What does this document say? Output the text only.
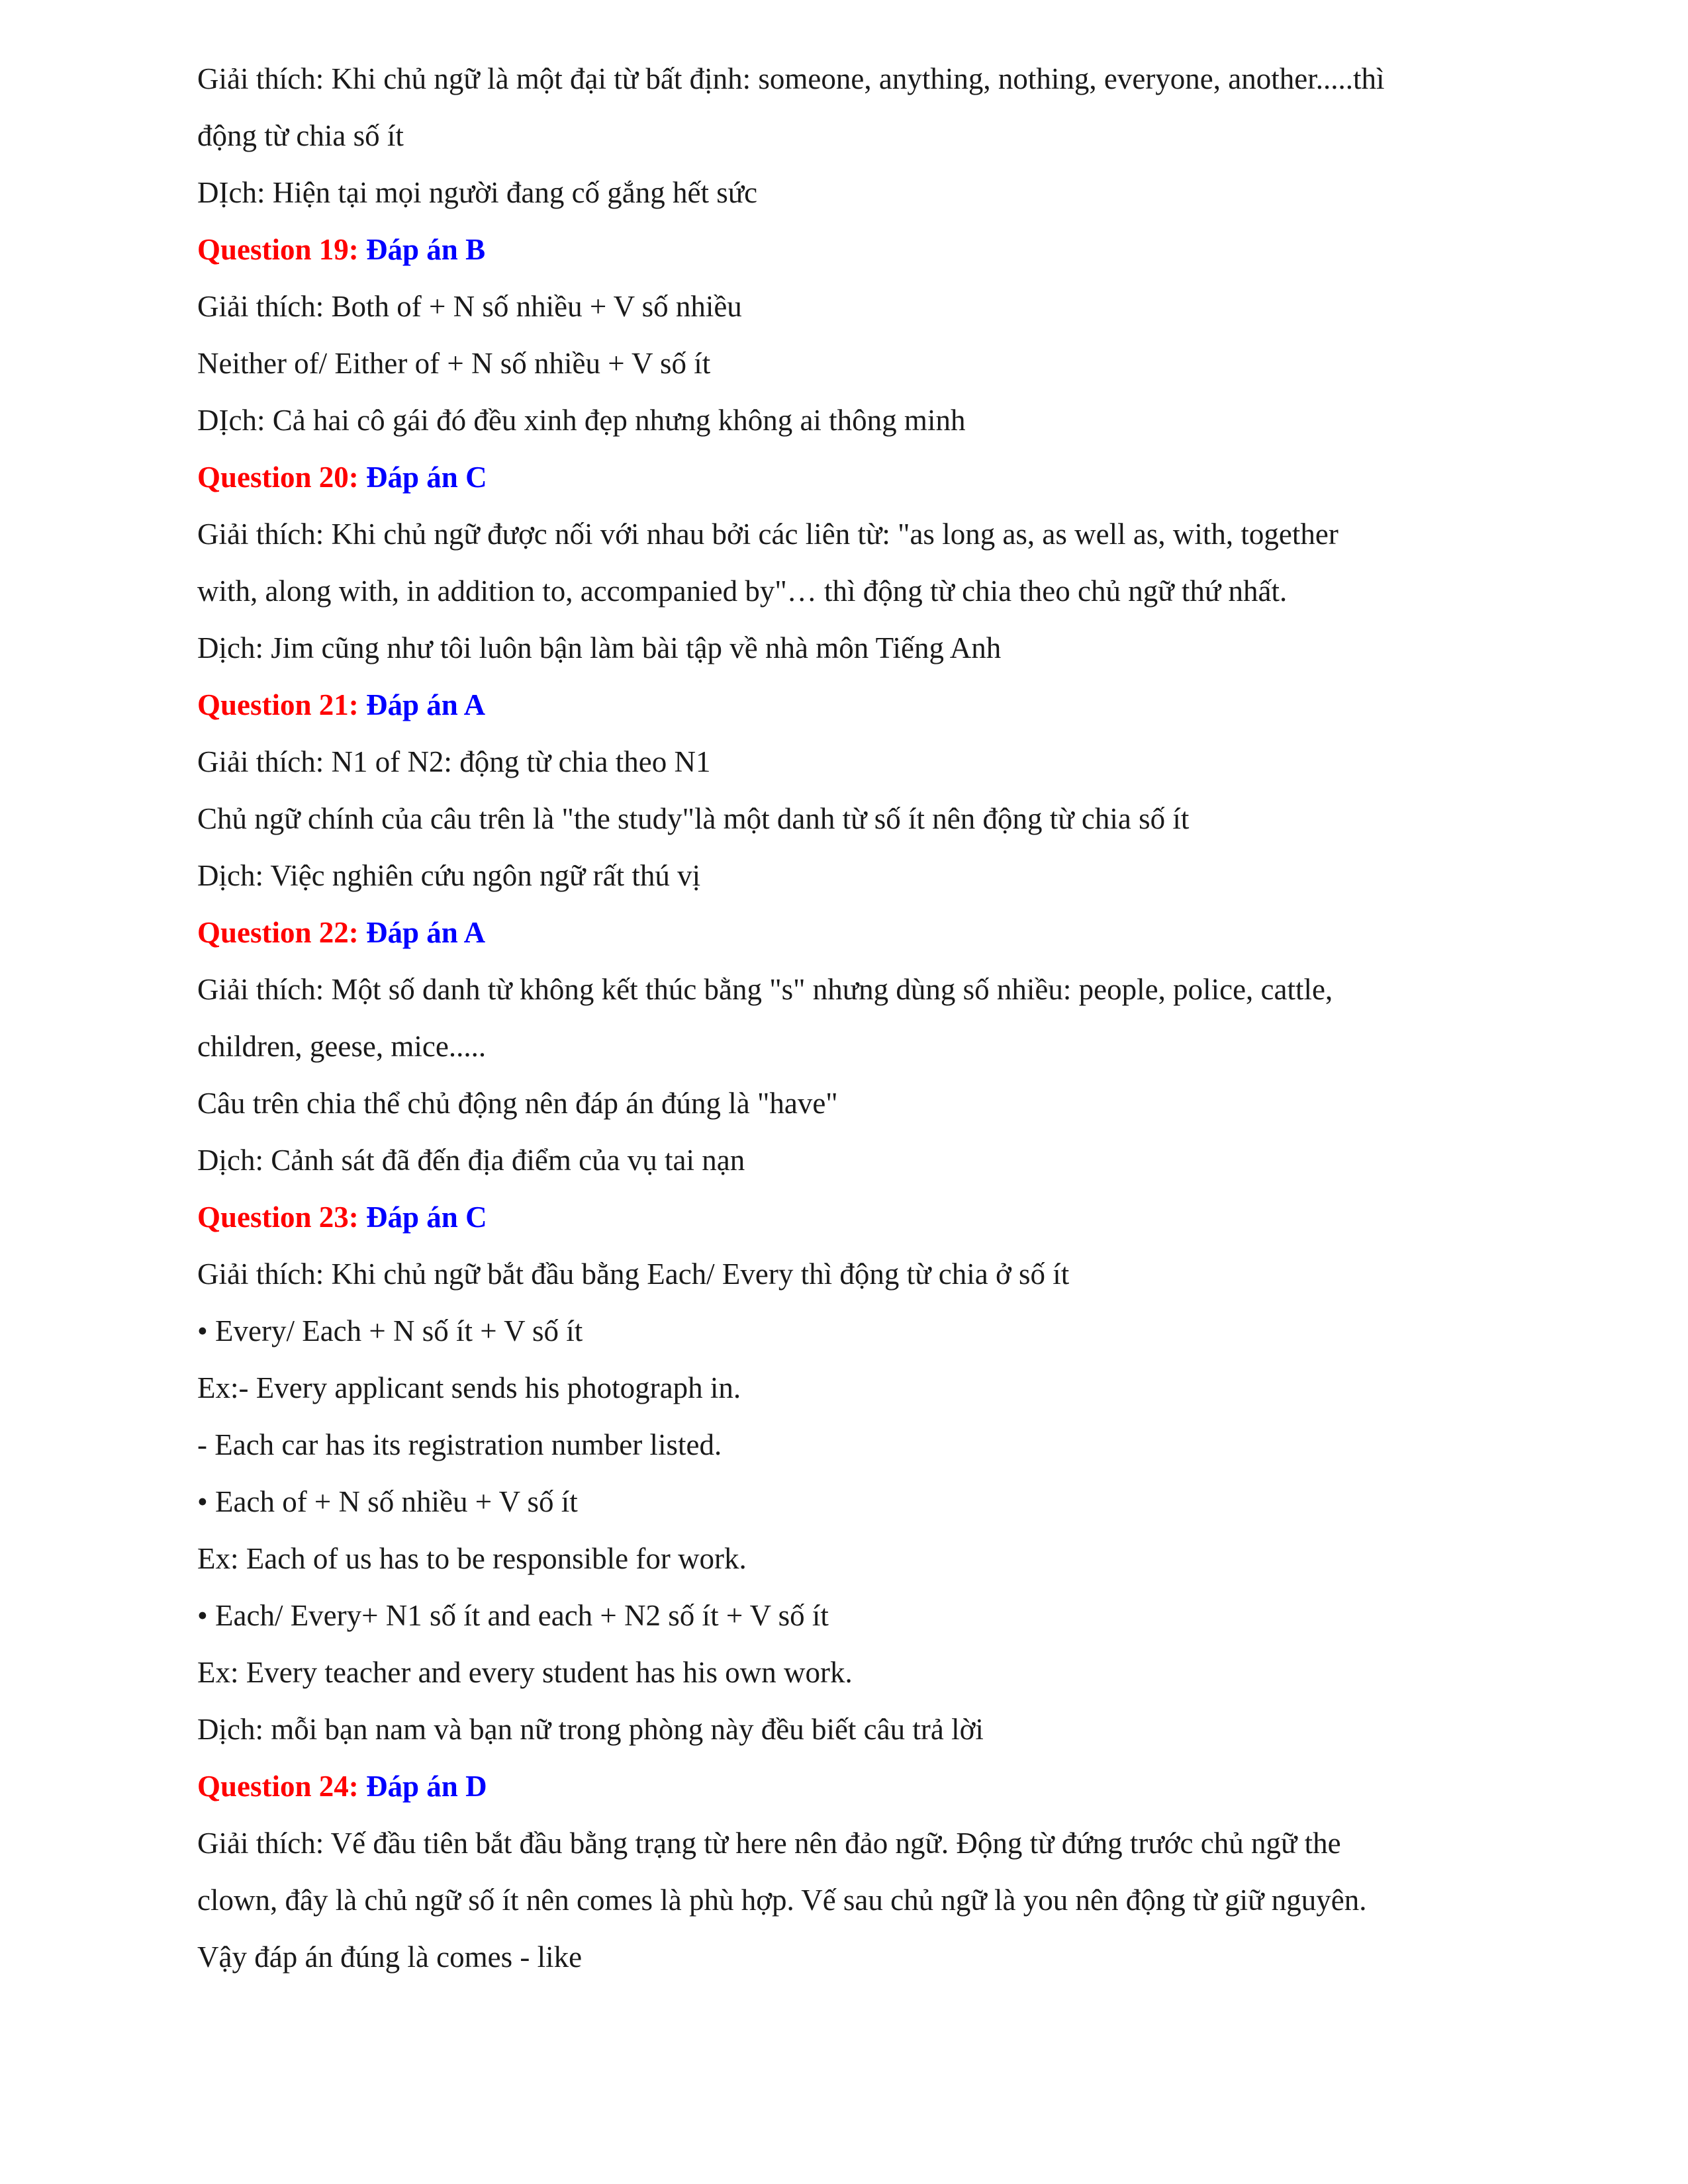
Giải thích: Khi chủ ngữ là một đại từ bất định: someone, anything, nothing, everyone, another.....thì

động từ chia số ít

DỊch: Hiện tại mọi người đang cố gắng hết sức

Question 19: Đáp án B

Giải thích: Both of + N số nhiều + V số nhiều

Neither of/ Either of + N số nhiều + V số ít

DỊch: Cả hai cô gái đó đều xinh đẹp nhưng không ai thông minh

Question 20: Đáp án C

Giải thích: Khi chủ ngữ được nối với nhau bởi các liên từ: "as long as, as well as, with, together

with, along with, in addition to, accompanied by"… thì động từ chia theo chủ ngữ thứ nhất.

Dịch: Jim cũng như tôi luôn bận làm bài tập về nhà môn Tiếng Anh

Question 21: Đáp án A

Giải thích: N1 of N2: động từ chia theo N1

Chủ ngữ chính của câu trên là "the study"là một danh từ số ít nên động từ chia số ít

Dịch: Việc nghiên cứu ngôn ngữ rất thú vị

Question 22: Đáp án A

Giải thích: Một số danh từ không kết thúc bằng "s" nhưng dùng số nhiều: people, police, cattle,

children, geese, mice.....

Câu trên chia thể chủ động nên đáp án đúng là "have"

Dịch: Cảnh sát đã đến địa điểm của vụ tai nạn

Question 23: Đáp án C

Giải thích: Khi chủ ngữ bắt đầu bằng Each/ Every thì động từ chia ở số ít

• Every/ Each + N số ít + V số ít

Ex:- Every applicant sends his photograph in.

- Each car has its registration number listed.

• Each of + N số nhiều + V số ít

Ex: Each of us has to be responsible for work.

• Each/ Every+ N1 số ít and each + N2 số ít + V số ít

Ex: Every teacher and every student has his own work.

Dịch: mỗi bạn nam và bạn nữ trong phòng này đều biết câu trả lời

Question 24: Đáp án D

Giải thích: Vế đầu tiên bắt đầu bằng trạng từ here nên đảo ngữ. Động từ đứng trước chủ ngữ the

clown, đây là chủ ngữ số ít nên comes là phù hợp. Vế sau chủ ngữ là you nên động từ giữ nguyên.

Vậy đáp án đúng là comes - like
